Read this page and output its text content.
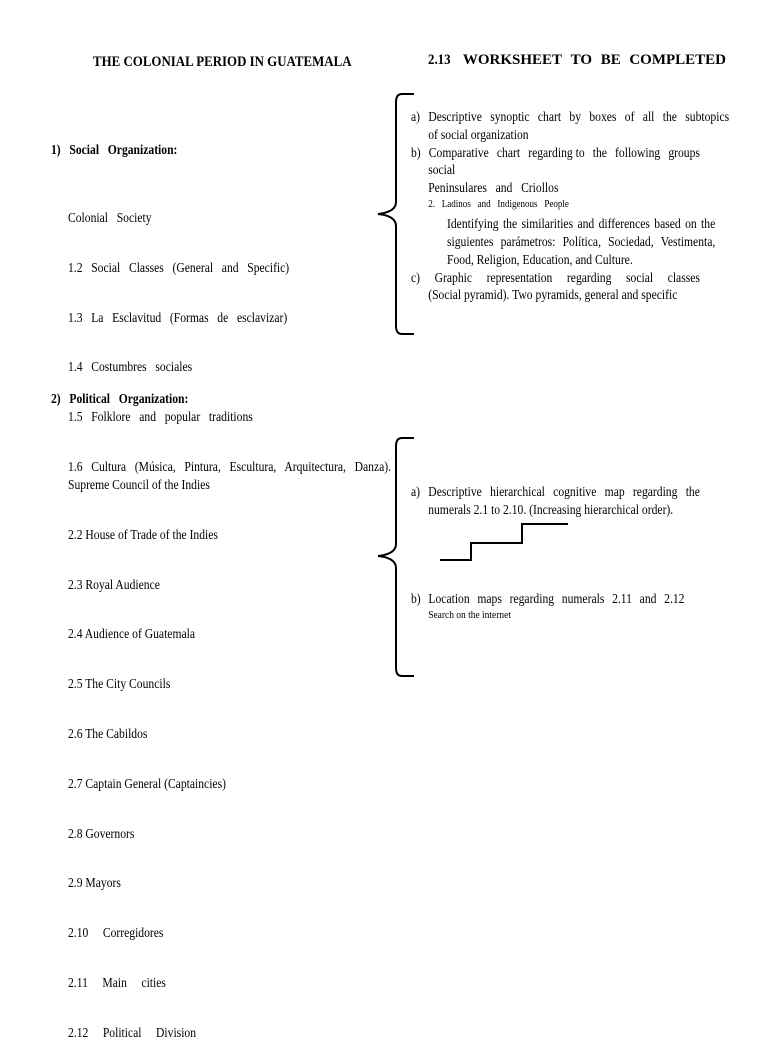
THE COLONIAL PERIOD IN GUATEMALA	2.13 WORKSHEET TO BE COMPLETED
1)   Social   Organization:

Colonial   Society

1.2   Social   Classes   (General   and   Specific)

1.3   La   Esclavitud   (Formas   de   esclavizar)

1.4   Costumbres   sociales

1.5   Folklore   and   popular   traditions

1.6   Cultura   (Música,   Pintura,   Escultura,   Arquitectura,   Danza).

a) Descriptive synoptic chart by boxes of all the subtopics
of social organization
b) Comparative chart regarding to the following groups
social
Peninsulares   and   Criollos
2.   Ladinos   and   Indigenous   People
Identifying the similarities and differences based on the
siguientes parámetros: Política, Sociedad, Vestimenta,
Food, Religion, Education, and Culture.
c) Graphic representation regarding social classes
(Social pyramid). Two pyramids, general and specific
2)   Political   Organization:

Supreme Council of the Indies

2.2 House of Trade of the Indies

2.3 Royal Audience

2.4 Audience of Guatemala

2.5 The City Councils

2.6 The Cabildos

2.7 Captain General (Captaincies)

2.8 Governors

2.9 Mayors

2.10     Corregidores

2.11     Main     cities

2.12     Political     Division

a) Descriptive hierarchical cognitive map regarding the
numerals 2.1 to 2.10. (Increasing hierarchical order).
b) Location maps regarding numerals 2.11 and 2.12
Search on the internet
